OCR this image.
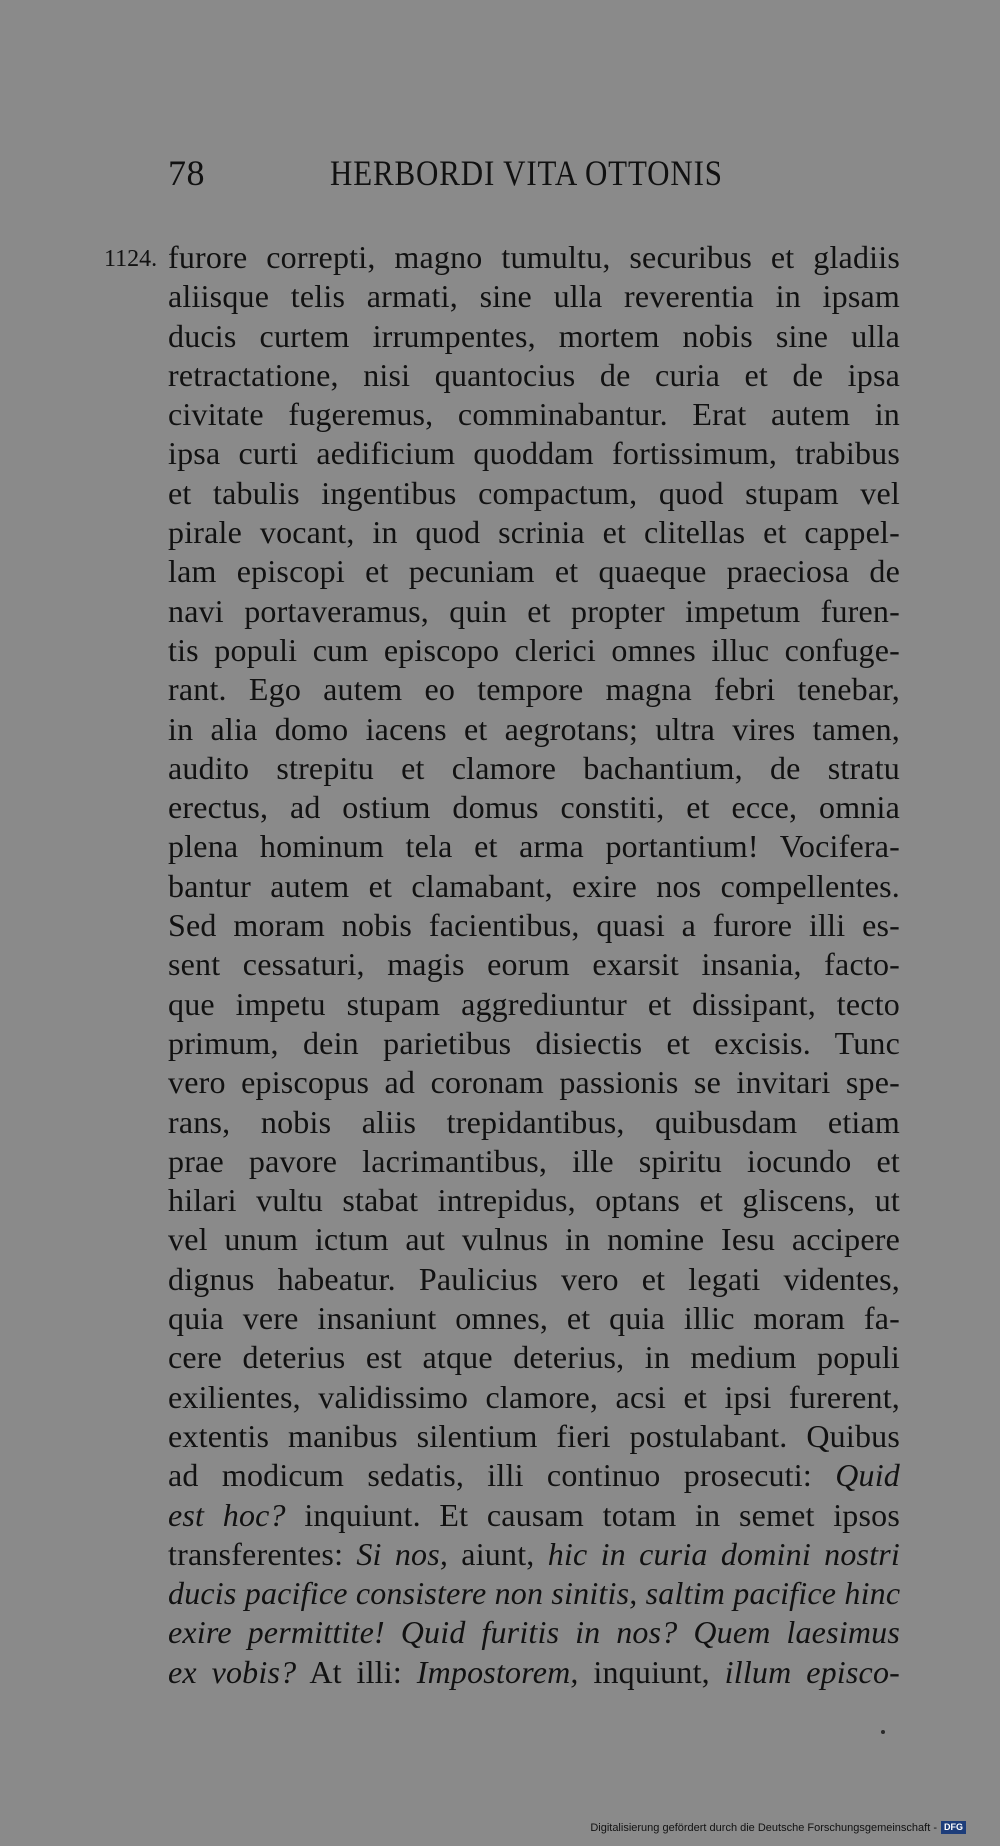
78	HERBORDI VITA OTTONIS
1124. furore correpti, magno tumultu, securibus et gladiis
aliisque telis armati, sine ulla reverentia in ipsam
ducis curtem irrumpentes, mortem nobis sine ulla
retractatione, nisi quantocius de curia et de ipsa
civitate fugeremus, comminabantur. Erat autem in
ipsa curti aedificium quoddam fortissimum, trabibus
et tabulis ingentibus compactum, quod stupam vel
pirale vocant, in quod scrinia et clitellas et cappel-
lam episcopi et pecuniam et quaeque praeciosa de
navi portaveramus, quin et propter impetum furen-
tis populi cum episcopo clerici omnes illuc confuge-
rant. Ego autem eo tempore magna febri tenebar,
in alia domo iacens et aegrotans; ultra vires tamen,
audito strepitu et clamore bachantium, de stratu
erectus, ad ostium domus constiti, et ecce, omnia
plena hominum tela et arma portantium! Vocifera-
bantur autem et clamabant, exire nos compellentes.
Sed moram nobis facientibus, quasi a furore illi es-
sent cessaturi, magis eorum exarsit insania, facto-
que impetu stupam aggrediuntur et dissipant, tecto
primum, dein parietibus disiectis et excisis. Tunc
vero episcopus ad coronam passionis se invitari spe-
rans, nobis aliis trepidantibus, quibusdam etiam
prae pavore lacrimantibus, ille spiritu iocundo et
hilari vultu stabat intrepidus, optans et gliscens, ut
vel unum ictum aut vulnus in nomine Iesu accipere
dignus habeatur. Paulicius vero et legati videntes,
quia vere insaniunt omnes, et quia illic moram fa-
cere deterius est atque deterius, in medium populi
exilientes, validissimo clamore, acsi et ipsi furerent,
extentis manibus silentium fieri postulabant. Quibus
ad modicum sedatis, illi continuo prosecuti: Quid
est hoc? inquiunt. Et causam totam in semet ipsos
transferentes: Si nos, aiunt, hic in curia domini nostri
ducis pacifice consistere non sinitis, saltim pacifice hinc
exire permittite! Quid furitis in nos? Quem laesimus
ex vobis? At illi: Impostorem, inquiunt, illum episco-
Digitalisierung gefördert durch die Deutsche Forschungsgemeinschaft - DFG
